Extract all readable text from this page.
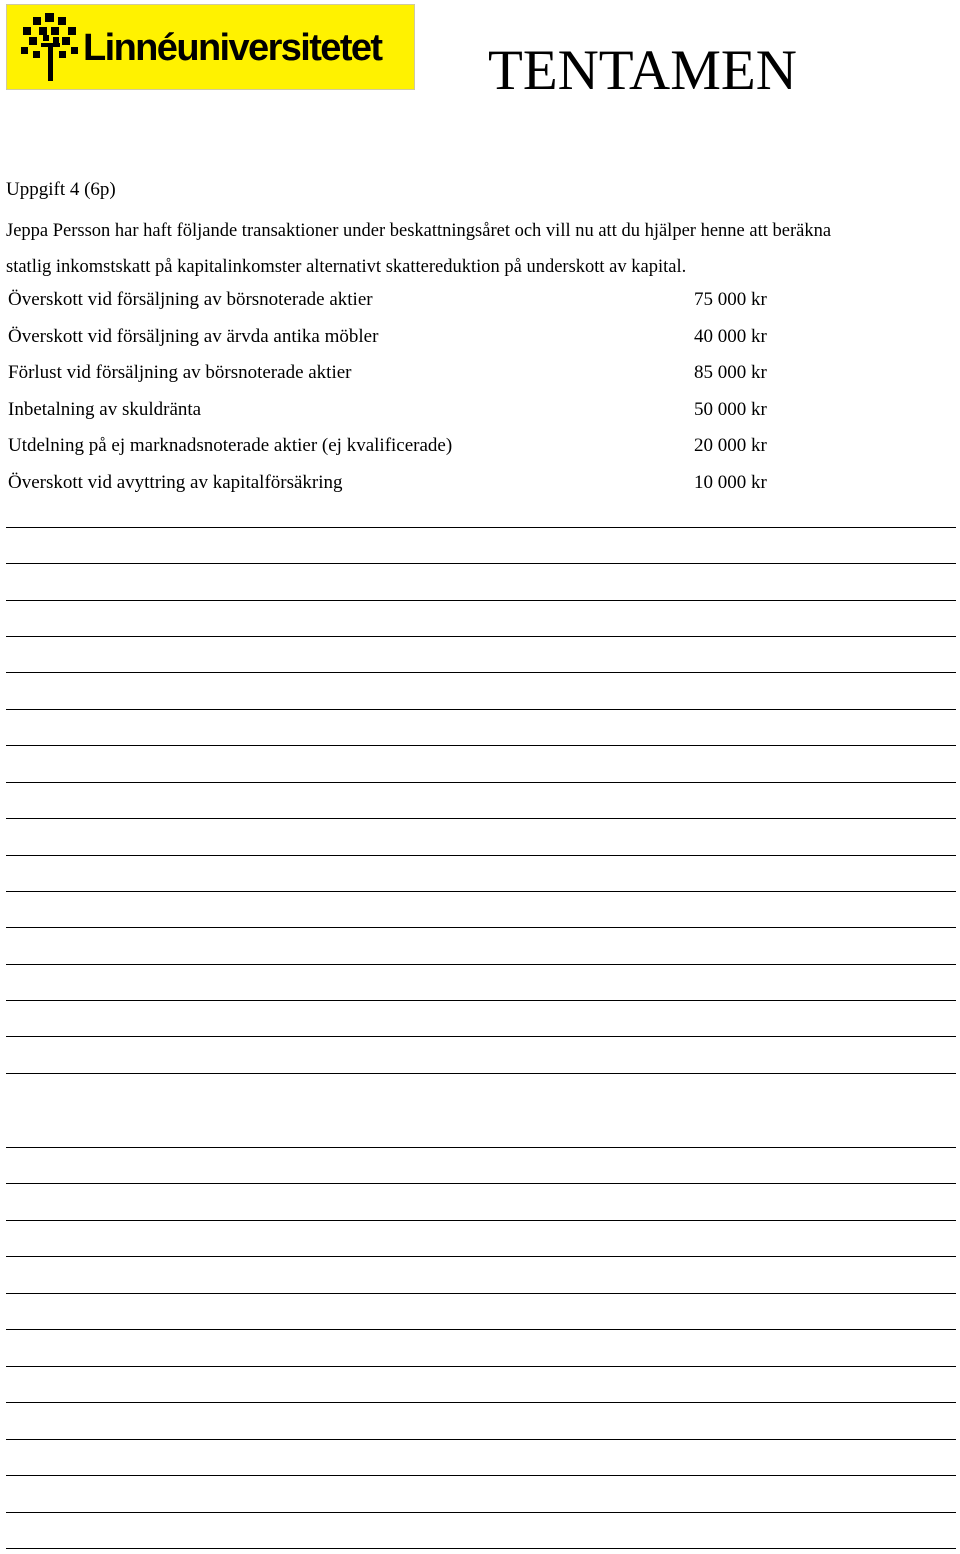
Linnéuniversitetet TENTAMEN
Uppgift 4 (6p)

Jeppa Persson har haft följande transaktioner under beskattningsåret och vill nu att du hjälper henne att beräkna

statlig inkomstskatt på kapitalinkomster alternativt skattereduktion på underskott av kapital.

Överskott vid försäljning av börsnoterade aktier	75 000 kr
Överskott vid försäljning av ärvda antika möbler	40 000 kr
Förlust vid försäljning av börsnoterade aktier	85 000 kr
Inbetalning av skuldränta	50 000 kr
Utdelning på ej marknadsnoterade aktier (ej kvalificerade)	20 000 kr
Överskott vid avyttring av kapitalförsäkring	10 000 kr
